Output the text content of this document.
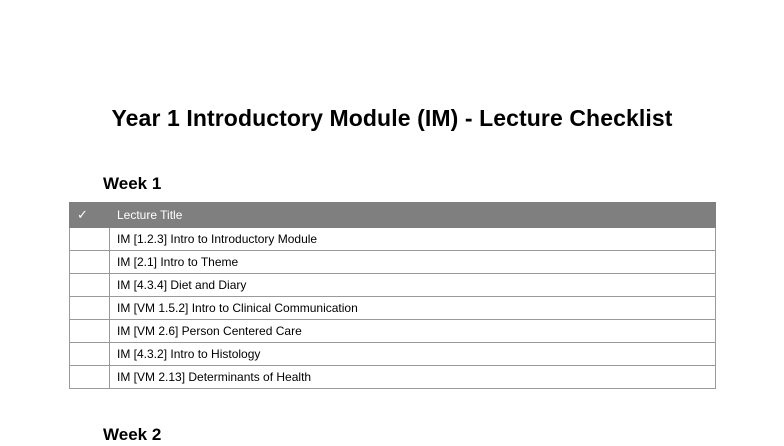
Year 1 Introductory Module (IM) - Lecture Checklist
Week 1
✓	Lecture Title
	IM [1.2.3] Intro to Introductory Module
	IM [2.1] Intro to Theme
	IM [4.3.4] Diet and Diary
	IM [VM 1.5.2] Intro to Clinical Communication
	IM [VM 2.6] Person Centered Care
	IM [4.3.2] Intro to Histology
	IM [VM 2.13] Determinants of Health
Week 2
